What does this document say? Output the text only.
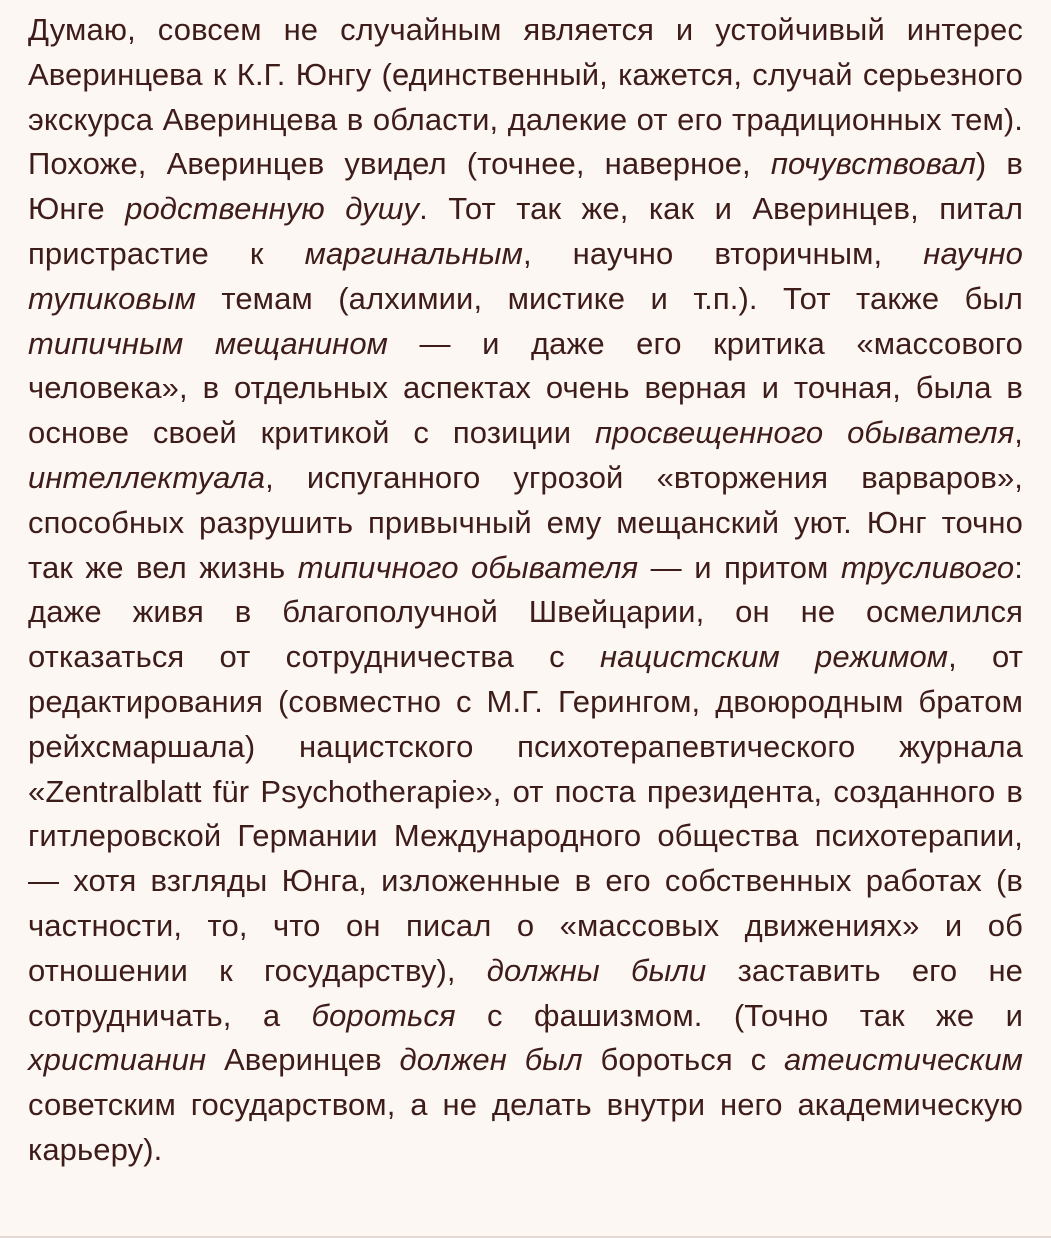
Думаю, совсем не случайным является и устойчивый интерес Аверинцева к К.Г. Юнгу (единственный, кажется, случай серьезного экскурса Аверинцева в области, далекие от его традиционных тем). Похоже, Аверинцев увидел (точнее, наверное, почувствовал) в Юнге родственную душу. Тот так же, как и Аверинцев, питал пристрастие к маргинальным, научно вторичным, научно тупиковым темам (алхимии, мистике и т.п.). Тот также был типичным мещанином — и даже его критика «массового человека», в отдельных аспектах очень верная и точная, была в основе своей критикой с позиции просвещенного обывателя, интеллектуала, испуганного угрозой «вторжения варваров», способных разрушить привычный ему мещанский уют. Юнг точно так же вел жизнь типичного обывателя — и притом трусливого: даже живя в благополучной Швейцарии, он не осмелился отказаться от сотрудничества с нацистским режимом, от редактирования (совместно с М.Г. Герингом, двоюродным братом рейхсмаршала) нацистского психотерапевтического журнала «Zentralblatt für Psychotherapie», от поста президента, созданного в гитлеровской Германии Международного общества психотерапии, — хотя взгляды Юнга, изложенные в его собственных работах (в частности, то, что он писал о «массовых движениях» и об отношении к государству), должны были заставить его не сотрудничать, а бороться с фашизмом. (Точно так же и христианин Аверинцев должен был бороться с атеистическим советским государством, а не делать внутри него академическую карьеру).
